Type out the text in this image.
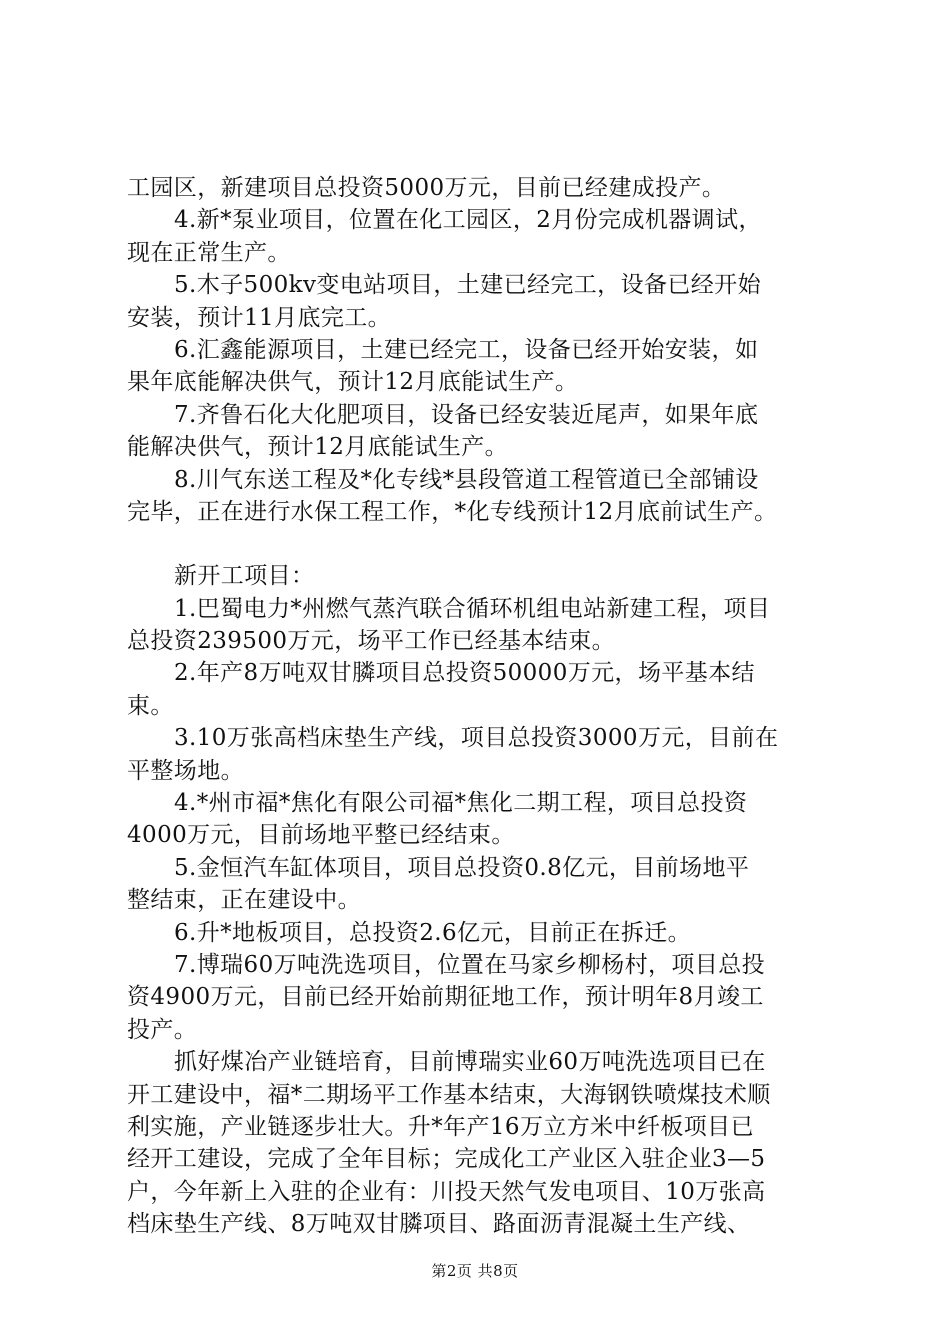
工园区，新建项目总投资5000万元，目前已经建成投产。
4.新*泵业项目，位置在化工园区，2月份完成机器调试，
现在正常生产。
5.木子500kv变电站项目，土建已经完工，设备已经开始
安装，预计11月底完工。
6.汇鑫能源项目，土建已经完工，设备已经开始安装，如
果年底能解决供气，预计12月底能试生产。
7.齐鲁石化大化肥项目，设备已经安装近尾声，如果年底
能解决供气，预计12月底能试生产。
8.川气东送工程及*化专线*县段管道工程管道已全部铺设
完毕，正在进行水保工程工作，*化专线预计12月底前试生产。
新开工项目：
1.巴蜀电力*州燃气蒸汽联合循环机组电站新建工程，项目
总投资239500万元，场平工作已经基本结束。
2.年产8万吨双甘膦项目总投资50000万元，场平基本结
束。
3.10万张高档床垫生产线，项目总投资3000万元，目前在
平整场地。
4.*州市福*焦化有限公司福*焦化二期工程，项目总投资
4000万元，目前场地平整已经结束。
5.金恒汽车缸体项目，项目总投资0.8亿元，目前场地平
整结束，正在建设中。
6.升*地板项目，总投资2.6亿元，目前正在拆迁。
7.博瑞60万吨洗选项目，位置在马家乡柳杨村，项目总投
资4900万元，目前已经开始前期征地工作，预计明年8月竣工
投产。
抓好煤冶产业链培育，目前博瑞实业60万吨洗选项目已在
开工建设中，福*二期场平工作基本结束，大海钢铁喷煤技术顺
利实施，产业链逐步壮大。升*年产16万立方米中纤板项目已
经开工建设，完成了全年目标；完成化工产业区入驻企业3—5
户，今年新上入驻的企业有：川投天然气发电项目、10万张高
档床垫生产线、8万吨双甘膦项目、路面沥青混凝土生产线、
第2页 共8页
